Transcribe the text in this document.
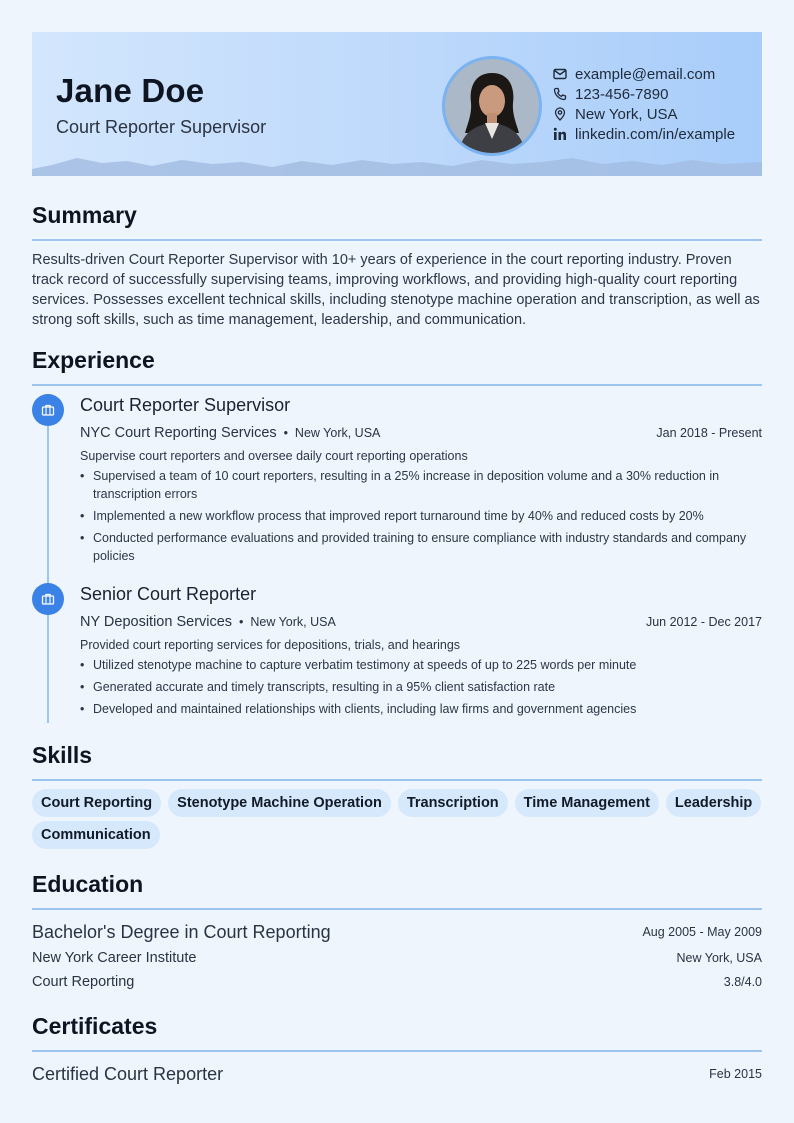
Jane Doe
Court Reporter Supervisor
example@email.com
123-456-7890
New York, USA
linkedin.com/in/example
Summary
Results-driven Court Reporter Supervisor with 10+ years of experience in the court reporting industry. Proven track record of successfully supervising teams, improving workflows, and providing high-quality court reporting services. Possesses excellent technical skills, including stenotype machine operation and transcription, as well as strong soft skills, such as time management, leadership, and communication.
Experience
Court Reporter Supervisor
NYC Court Reporting Services  •  New York, USA	Jan 2018 - Present
Supervise court reporters and oversee daily court reporting operations
• Supervised a team of 10 court reporters, resulting in a 25% increase in deposition volume and a 30% reduction in transcription errors
• Implemented a new workflow process that improved report turnaround time by 40% and reduced costs by 20%
• Conducted performance evaluations and provided training to ensure compliance with industry standards and company policies
Senior Court Reporter
NY Deposition Services  •  New York, USA	Jun 2012 - Dec 2017
Provided court reporting services for depositions, trials, and hearings
• Utilized stenotype machine to capture verbatim testimony at speeds of up to 225 words per minute
• Generated accurate and timely transcripts, resulting in a 95% client satisfaction rate
• Developed and maintained relationships with clients, including law firms and government agencies
Skills
Court Reporting Stenotype Machine Operation Transcription Time Management LeadershipCommunication
Education
Bachelor's Degree in Court Reporting	Aug 2005 - May 2009
New York Career Institute	New York, USA
Court Reporting	3.8/4.0
Certificates
Certified Court Reporter	Feb 2015
